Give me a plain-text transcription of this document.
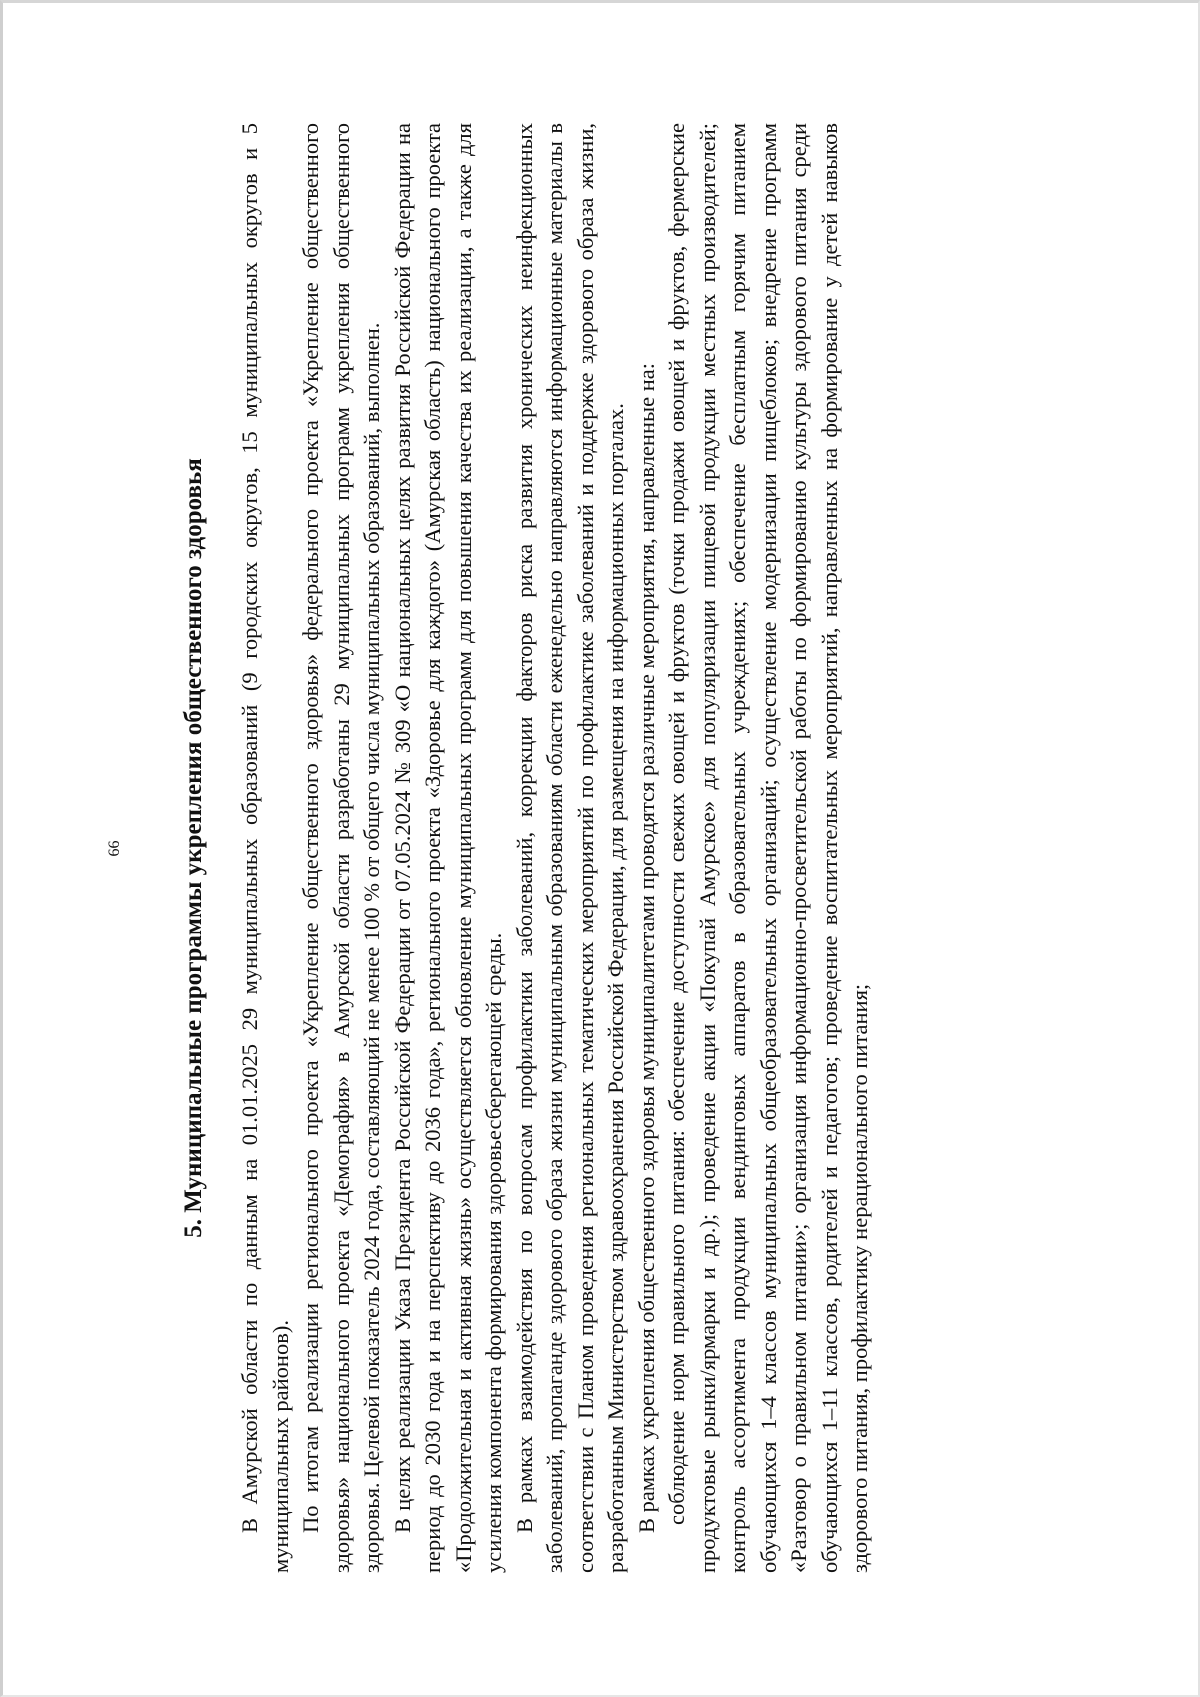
66 5. Муниципальные программы укрепления общественного здоровья В Амурской области по данным на 01.01.2025 29 муниципальных образований (9 городских округов, 15 муниципальных округов и 5 муниципальных районов). По итогам реализации регионального проекта «Укрепление общественного здоровья» федерального проекта «Укрепление общественного здоровья» национального проекта «Демография» в Амурской области разработаны 29 муниципальных программ укрепления общественного здоровья. Целевой показатель 2024 года, составляющий не менее 100 % от общего числа муниципальных образований, выполнен. В целях реализации Указа Президента Российской Федерации от 07.05.2024 № 309 «О национальных целях развития Российской Федерации на период до 2030 года и на перспективу до 2036 года», регионального проекта «Здоровье для каждого» (Амурская область) национального проекта «Продолжительная и активная жизнь» осуществляется обновление муниципальных программ для повышения качества их реализации, а также для усиления компонента формирования здоровьесберегающей среды. В рамках взаимодействия по вопросам профилактики заболеваний, коррекции факторов риска развития хронических неинфекционных заболеваний, пропаганде здорового образа жизни муниципальным образованиям области еженедельно направляются информационные материалы в соответствии с Планом проведения региональных тематических мероприятий по профилактике заболеваний и поддержке здорового образа жизни, разработанным Министерством здравоохранения Российской Федерации, для размещения на информационных порталах. В рамках укрепления общественного здоровья муниципалитетами проводятся различные мероприятия, направленные на: соблюдение норм правильного питания: обеспечение доступности свежих овощей и фруктов (точки продажи овощей и фруктов, фермерские продуктовые рынки/ярмарки и др.); проведение акции «Покупай Амурское» для популяризации пищевой продукции местных производителей; контроль ассортимента продукции вендинговых аппаратов в образовательных учреждениях; обеспечение бесплатным горячим питанием обучающихся 1–4 классов муниципальных общеобразовательных организаций; осуществление модернизации пищеблоков; внедрение программ «Разговор о правильном питании»; организация информационно-просветительской работы по формированию культуры здорового питания среди обучающихся 1–11 классов, родителей и педагогов; проведение воспитательных мероприятий, направленных на формирование у детей навыков здорового питания, профилактику нерационального питания;
